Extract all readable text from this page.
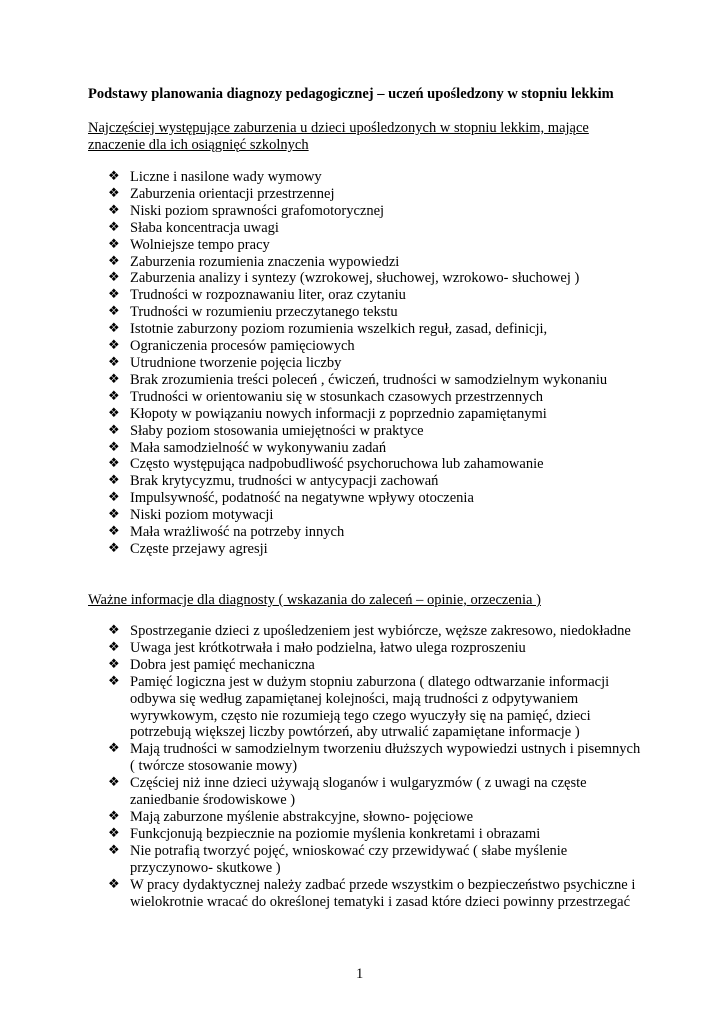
Podstawy planowania diagnozy pedagogicznej – uczeń upośledzony w stopniu lekkim
Najczęściej występujące zaburzenia u dzieci upośledzonych w stopniu lekkim, mające znaczenie dla ich osiągnięć szkolnych
❖ Liczne i nasilone wady wymowy
❖ Zaburzenia orientacji przestrzennej
❖ Niski poziom sprawności grafomotorycznej
❖ Słaba koncentracja uwagi
❖ Wolniejsze tempo pracy
❖ Zaburzenia rozumienia znaczenia wypowiedzi
❖ Zaburzenia analizy i syntezy (wzrokowej, słuchowej, wzrokowo- słuchowej )
❖ Trudności w rozpoznawaniu liter, oraz czytaniu
❖ Trudności w rozumieniu przeczytanego tekstu
❖ Istotnie zaburzony poziom rozumienia wszelkich reguł, zasad, definicji,
❖ Ograniczenia procesów pamięciowych
❖ Utrudnione tworzenie pojęcia liczby
❖ Brak zrozumienia treści poleceń , ćwiczeń, trudności w samodzielnym wykonaniu
❖ Trudności w orientowaniu się w stosunkach czasowych przestrzennych
❖ Kłopoty w powiązaniu nowych informacji z poprzednio zapamiętanymi
❖ Słaby poziom stosowania umiejętności w praktyce
❖ Mała samodzielność w wykonywaniu zadań
❖ Często występująca nadpobudliwość psychoruchowa lub zahamowanie
❖ Brak krytycyzmu, trudności w antycypacji zachowań
❖ Impulsywność, podatność na negatywne wpływy otoczenia
❖ Niski poziom motywacji
❖ Mała wrażliwość na potrzeby innych
❖ Częste przejawy agresji
Ważne informacje dla diagnosty ( wskazania do zaleceń – opinie, orzeczenia )
❖ Spostrzeganie dzieci z upośledzeniem jest wybiórcze, węższe zakresowo, niedokładne
❖ Uwaga jest krótkotrwała i mało podzielna, łatwo ulega rozproszeniu
❖ Dobra jest pamięć mechaniczna
❖ Pamięć logiczna jest w dużym stopniu zaburzona ( dlatego odtwarzanie informacji odbywa się według zapamiętanej kolejności, mają trudności z odpytywaniem wyrywkowym, często nie rozumieją tego czego wyuczyły się na pamięć, dzieci potrzebują większej liczby powtórzeń, aby utrwalić zapamiętane informacje )
❖ Mają trudności w samodzielnym tworzeniu dłuższych wypowiedzi ustnych i pisemnych ( twórcze stosowanie mowy)
❖ Częściej niż inne dzieci używają sloganów i wulgaryzmów ( z uwagi na częste zaniedbanie środowiskowe )
❖ Mają zaburzone myślenie abstrakcyjne, słowno- pojęciowe
❖ Funkcjonują bezpiecznie na poziomie myślenia konkretami i obrazami
❖ Nie potrafią tworzyć pojęć, wnioskować czy przewidywać ( słabe myślenie przyczynowo- skutkowe )
❖ W pracy dydaktycznej należy zadbać przede wszystkim o bezpieczeństwo psychiczne i wielokrotnie wracać do określonej tematyki i zasad które dzieci powinny przestrzegać
1
